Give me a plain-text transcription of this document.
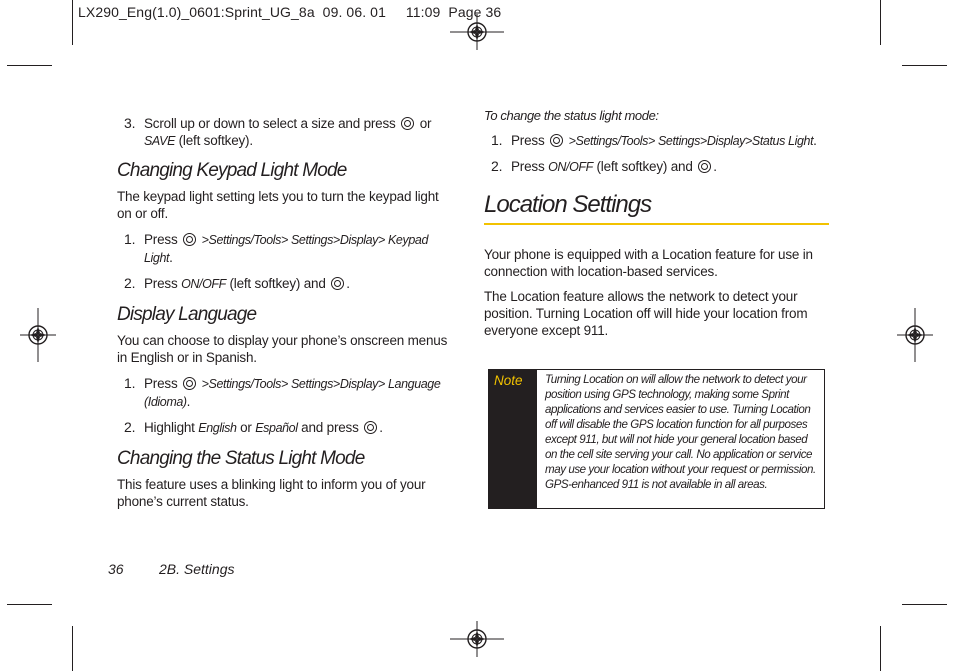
LX290_Eng(1.0)_0601:Sprint_UG_8a  09. 06. 01     11:09  Page 36
3. Scroll up or down to select a size and press or
SAVE (left softkey).
Changing Keypad Light Mode

The keypad light setting lets you to turn the keypad light on or off.

1. Press >Settings/Tools> Settings>Display> Keypad Light.
2. Press ON/OFF (left softkey) and .
Display Language

You can choose to display your phone’s onscreen menus in English or in Spanish.

1. Press >Settings/Tools> Settings>Display> Language (Idioma).
2. Highlight English or Español and press .
Changing the Status Light Mode

This feature uses a blinking light to inform you of your phone’s current status.

To change the status light mode:

1. Press >Settings/Tools> Settings>Display>Status Light.
2. Press ON/OFF (left softkey) and .
Location Settings

Your phone is equipped with a Location feature for use in connection with location-based services.

The Location feature allows the network to detect your position. Turning Location off will hide your location from everyone except 911.

Note Turning Location on will allow the network to detect your position using GPS technology, making some Sprint applications and services easier to use. Turning Location off will disable the GPS location function for all purposes except 911, but will not hide your general location based on the cell site serving your call. No application or service may use your location without your request or permission. GPS-enhanced 911 is not available in all areas.
36	2B. Settings
